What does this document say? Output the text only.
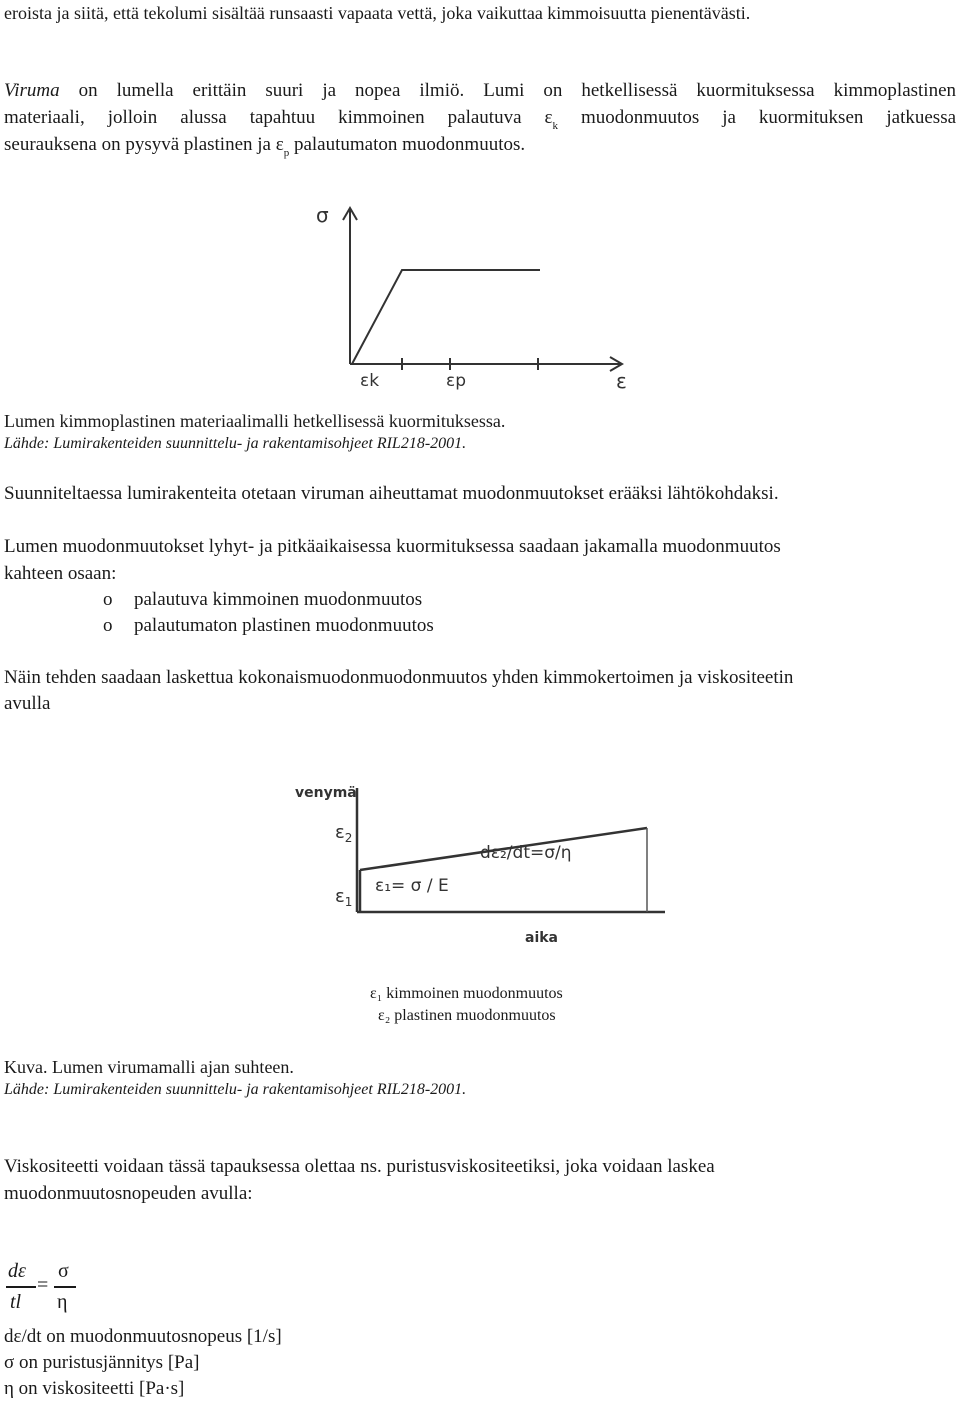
eroista ja siitä, että tekolumi sisältää runsaasti vapaata vettä, joka vaikuttaa kimmoisuutta pienentävästi.
Viruma on lumella erittäin suuri ja nopea ilmiö. Lumi on hetkellisessä kuormituksessa kimmoplastinen
materiaali, jolloin alussa tapahtuu kimmoinen palautuva $\varepsilon_k$ muodonmuutos ja kuormituksen jatkuessa
seurauksena on pysyvä plastinen ja $\varepsilon_p$ palautumaton muodonmuutos.
σ
εk	εp	ε
Lumen kimmoplastinen materiaalimalli hetkellisessä kuormituksessa.
Lähde: Lumirakenteiden suunnittelu- ja rakentamisohjeet RIL218-2001.
Suunniteltaessa lumirakenteita otetaan viruman aiheuttamat muodonmuutokset erääksi lähtökohdaksi.
Lumen muodonmuutokset lyhyt- ja pitkäaikaisessa kuormituksessa saadaan jakamalla muodonmuutos
kahteen osaan:
o palautuva kimmoinen muodonmuutos
o palautumaton plastinen muodonmuutos
Näin tehden saadaan laskettua kokonaismuodonmuodonmuutos yhden kimmokertoimen ja viskositeetin
avulla
venymä
$\varepsilon_2$
$\varepsilon_1$
dε₂/dt=σ/η
ε₁= σ / E
aika
ε₁ kimmoinen muodonmuutos
ε₂ plastinen muodonmuutos
Kuva. Lumen virumamalli ajan suhteen.
Lähde: Lumirakenteiden suunnittelu- ja rakentamisohjeet RIL218-2001.
Viskositeetti voidaan tässä tapauksessa olettaa ns. puristusviskositeetiksi, joka voidaan laskea
muodonmuutosnopeuden avulla:
dε
tl
=
σ
η
dε/dt on muodonmuutosnopeus [1/s]
σ on puristusjännitys [Pa]
η on viskositeetti [Pa·s]
